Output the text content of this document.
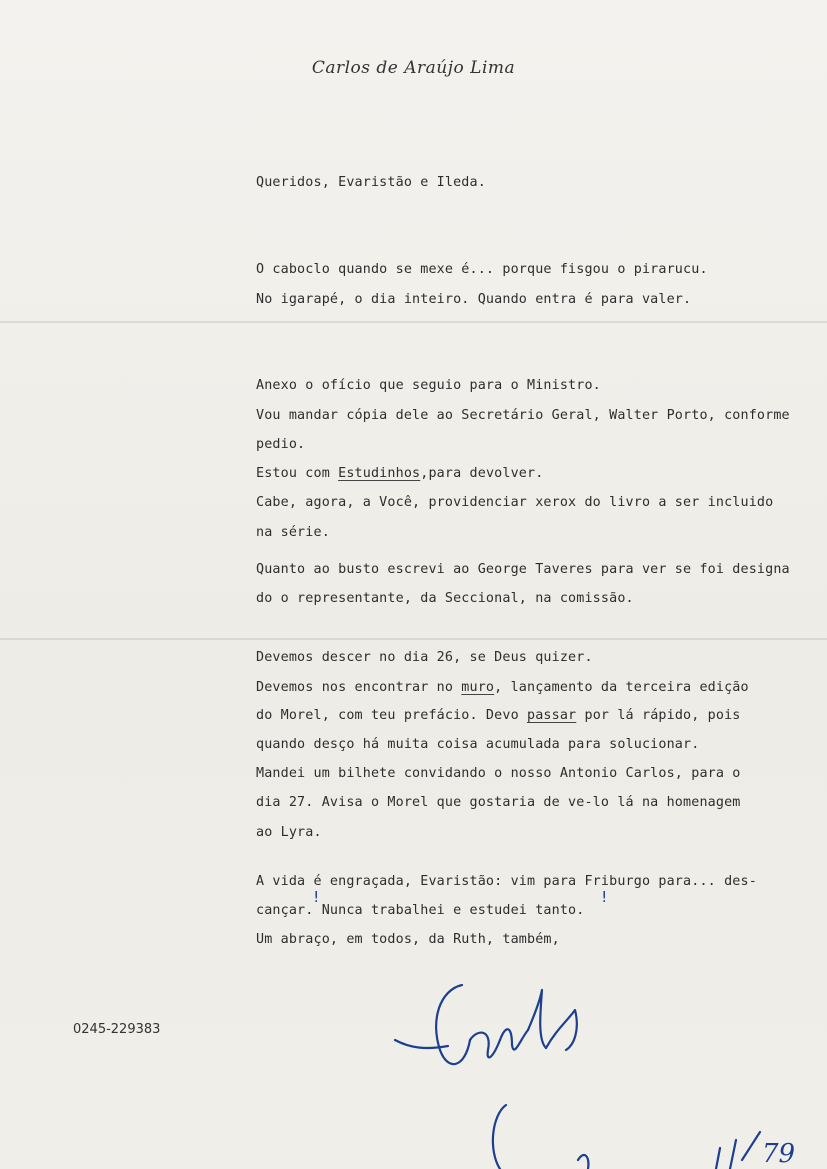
Carlos de Araújo Lima
Queridos, Evaristão e Ileda.
O caboclo quando se mexe é... porque fisgou o pirarucu.
No igarapé, o dia inteiro. Quando entra é para valer.
Anexo o ofício que seguio para o Ministro.
Vou mandar cópia dele ao Secretário Geral, Walter Porto, conforme
pedio.
Estou com Estudinhos,para devolver.
Cabe, agora, a Você, providenciar xerox do livro a ser incluido
na série.
Quanto ao busto escrevi ao George Taveres para ver se foi designa
do o representante, da Seccional, na comissão.
Devemos descer no dia 26, se Deus quizer.
Devemos nos encontrar no muro, lançamento da terceira edição
do Morel, com teu prefácio. Devo passar por lá rápido, pois
quando desço há muita coisa acumulada para solucionar.
Mandei um bilhete convidando o nosso Antonio Carlos, para o
dia 27. Avisa o Morel que gostaria de ve-lo lá na homenagem
ao Lyra.
A vida é engraçada, Evaristão: vim para Friburgo para... des-
cançar. Nunca trabalhei e estudei tanto.
Um abraço, em todos, da Ruth, também,
ǃ	ǃ
0245-229383
Carlos
79
